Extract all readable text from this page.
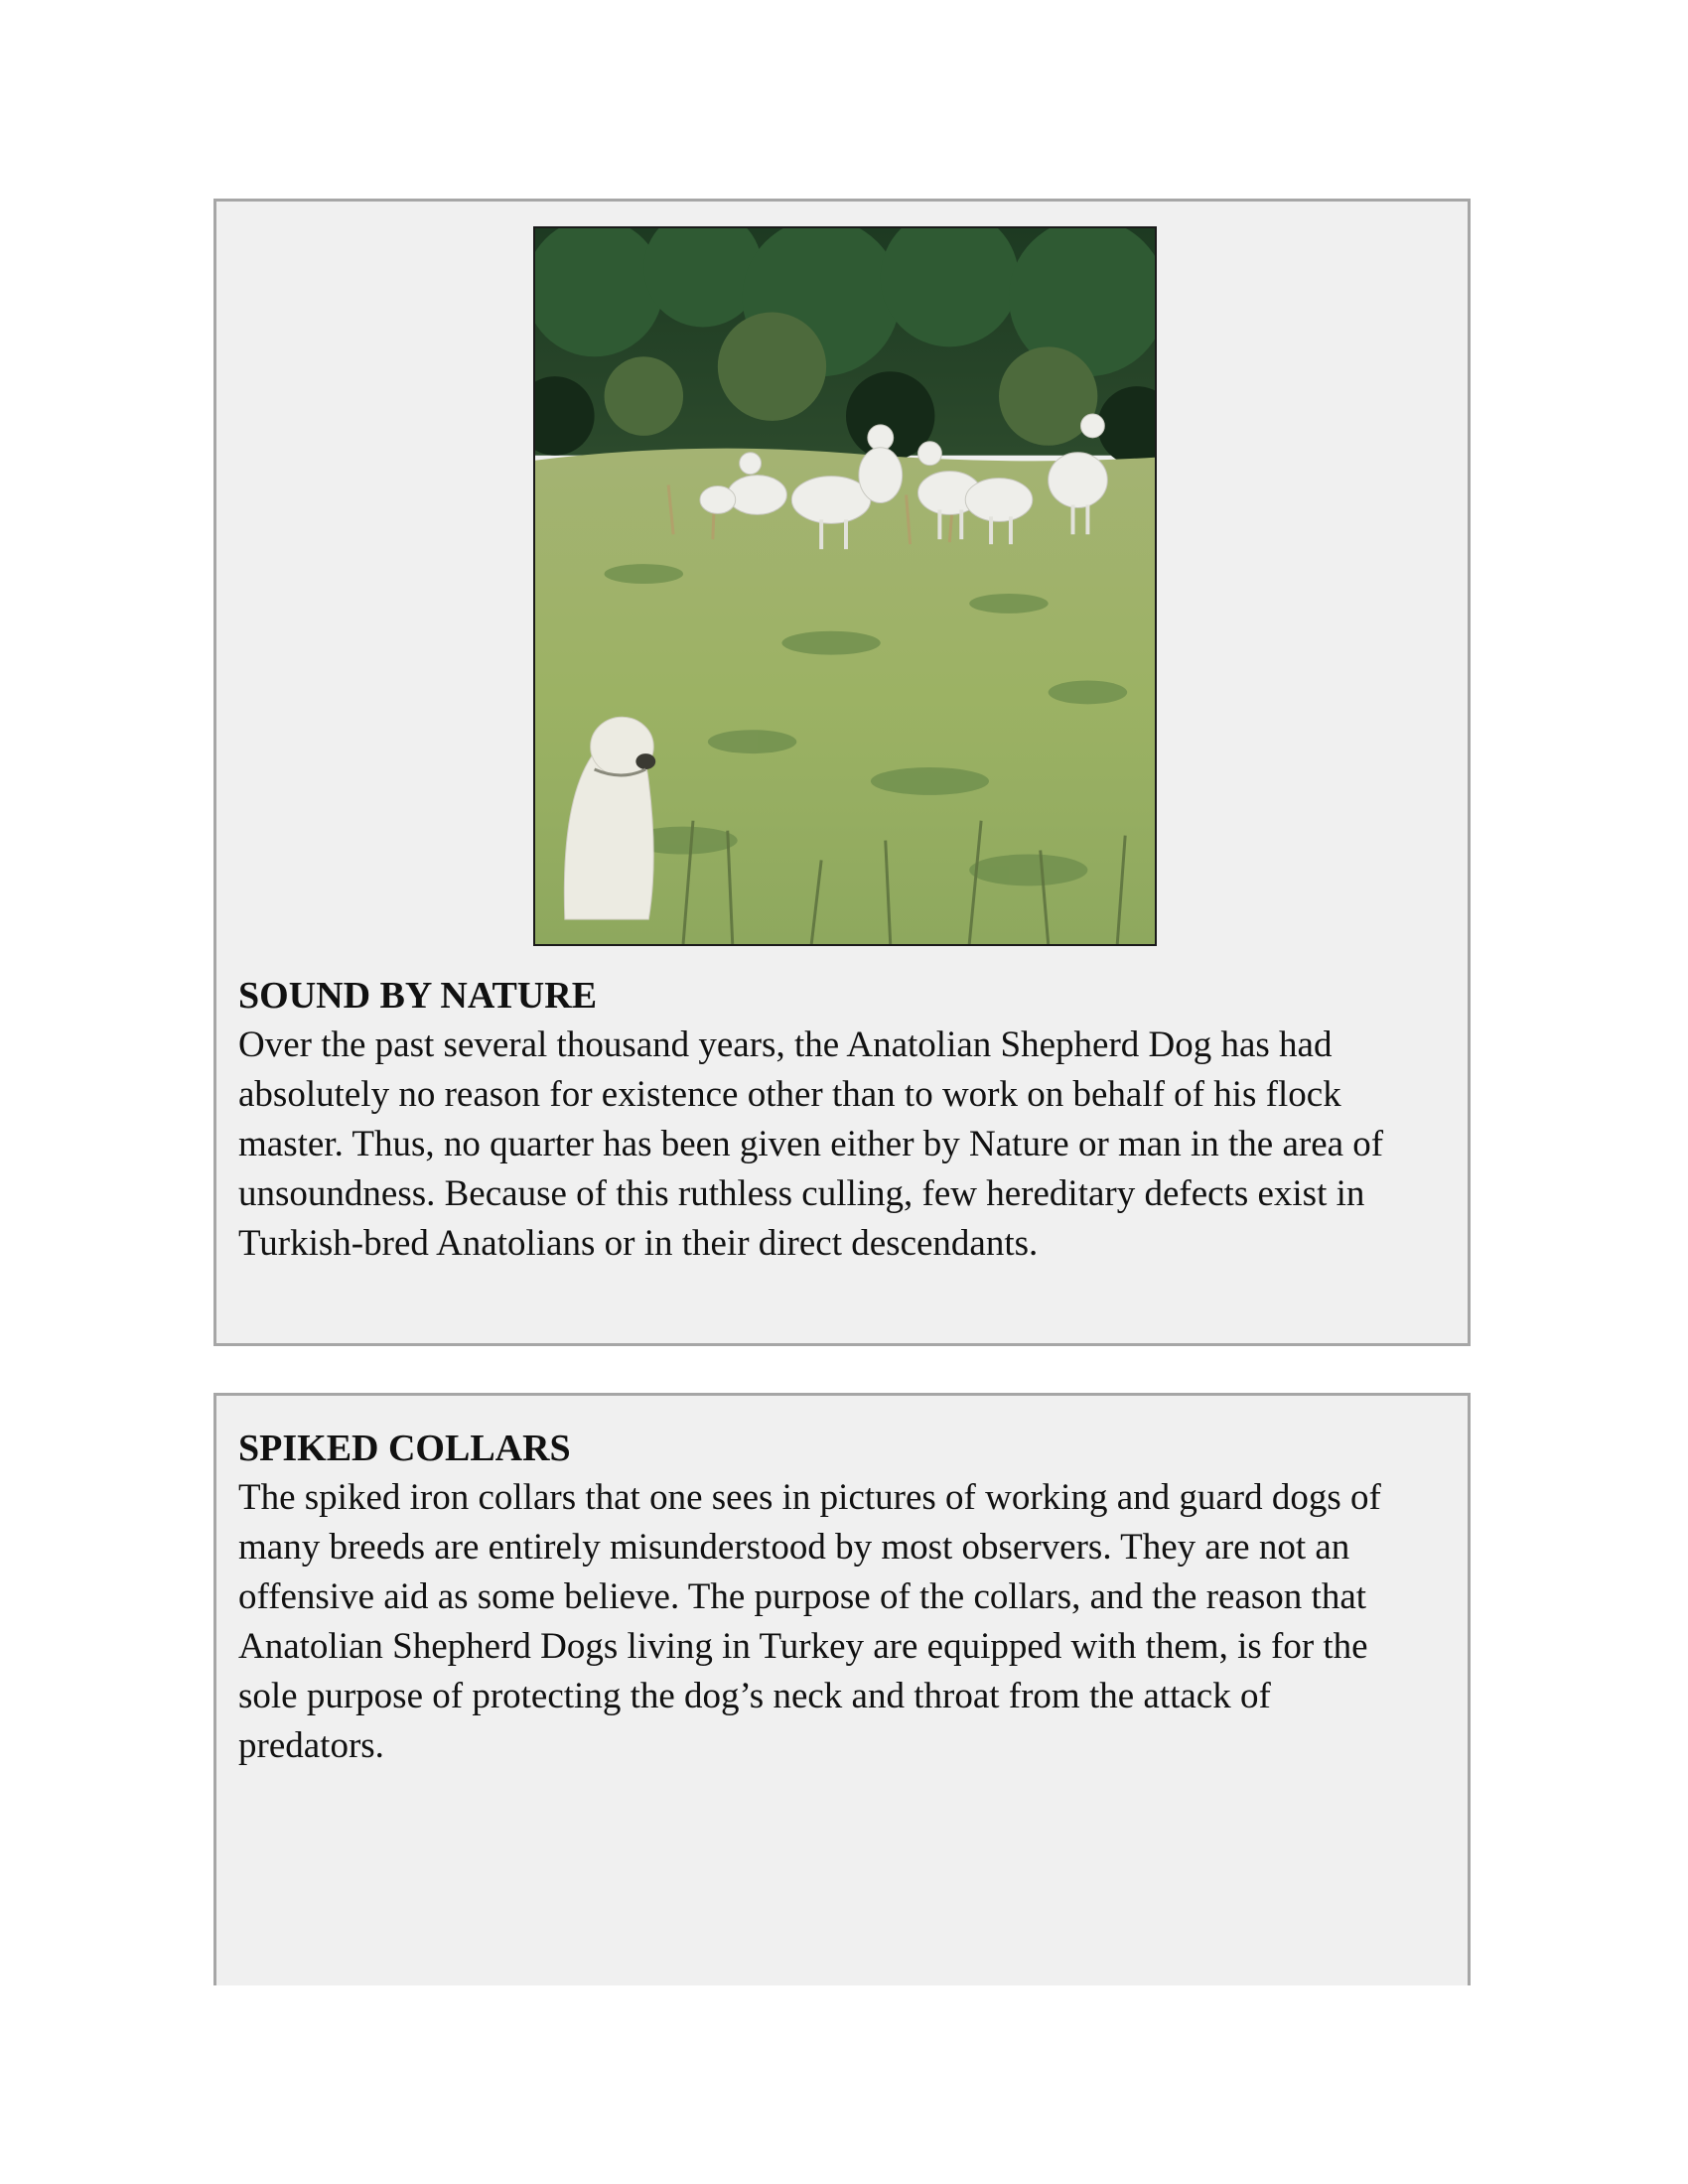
SOUND BY NATURE

Over the past several thousand years, the Anatolian Shepherd Dog has had absolutely no reason for existence other than to work on behalf of his flock master. Thus, no quarter has been given either by Nature or man in the area of unsoundness. Because of this ruthless culling, few hereditary defects exist in Turkish-bred Anatolians or in their direct descendants.

SPIKED COLLARS

The spiked iron collars that one sees in pictures of working and guard dogs of many breeds are entirely misunderstood by most observers. They are not an offensive aid as some believe. The purpose of the collars, and the reason that Anatolian Shepherd Dogs living in Turkey are equipped with them, is for the sole purpose of protecting the dog’s neck and throat from the attack of predators.
